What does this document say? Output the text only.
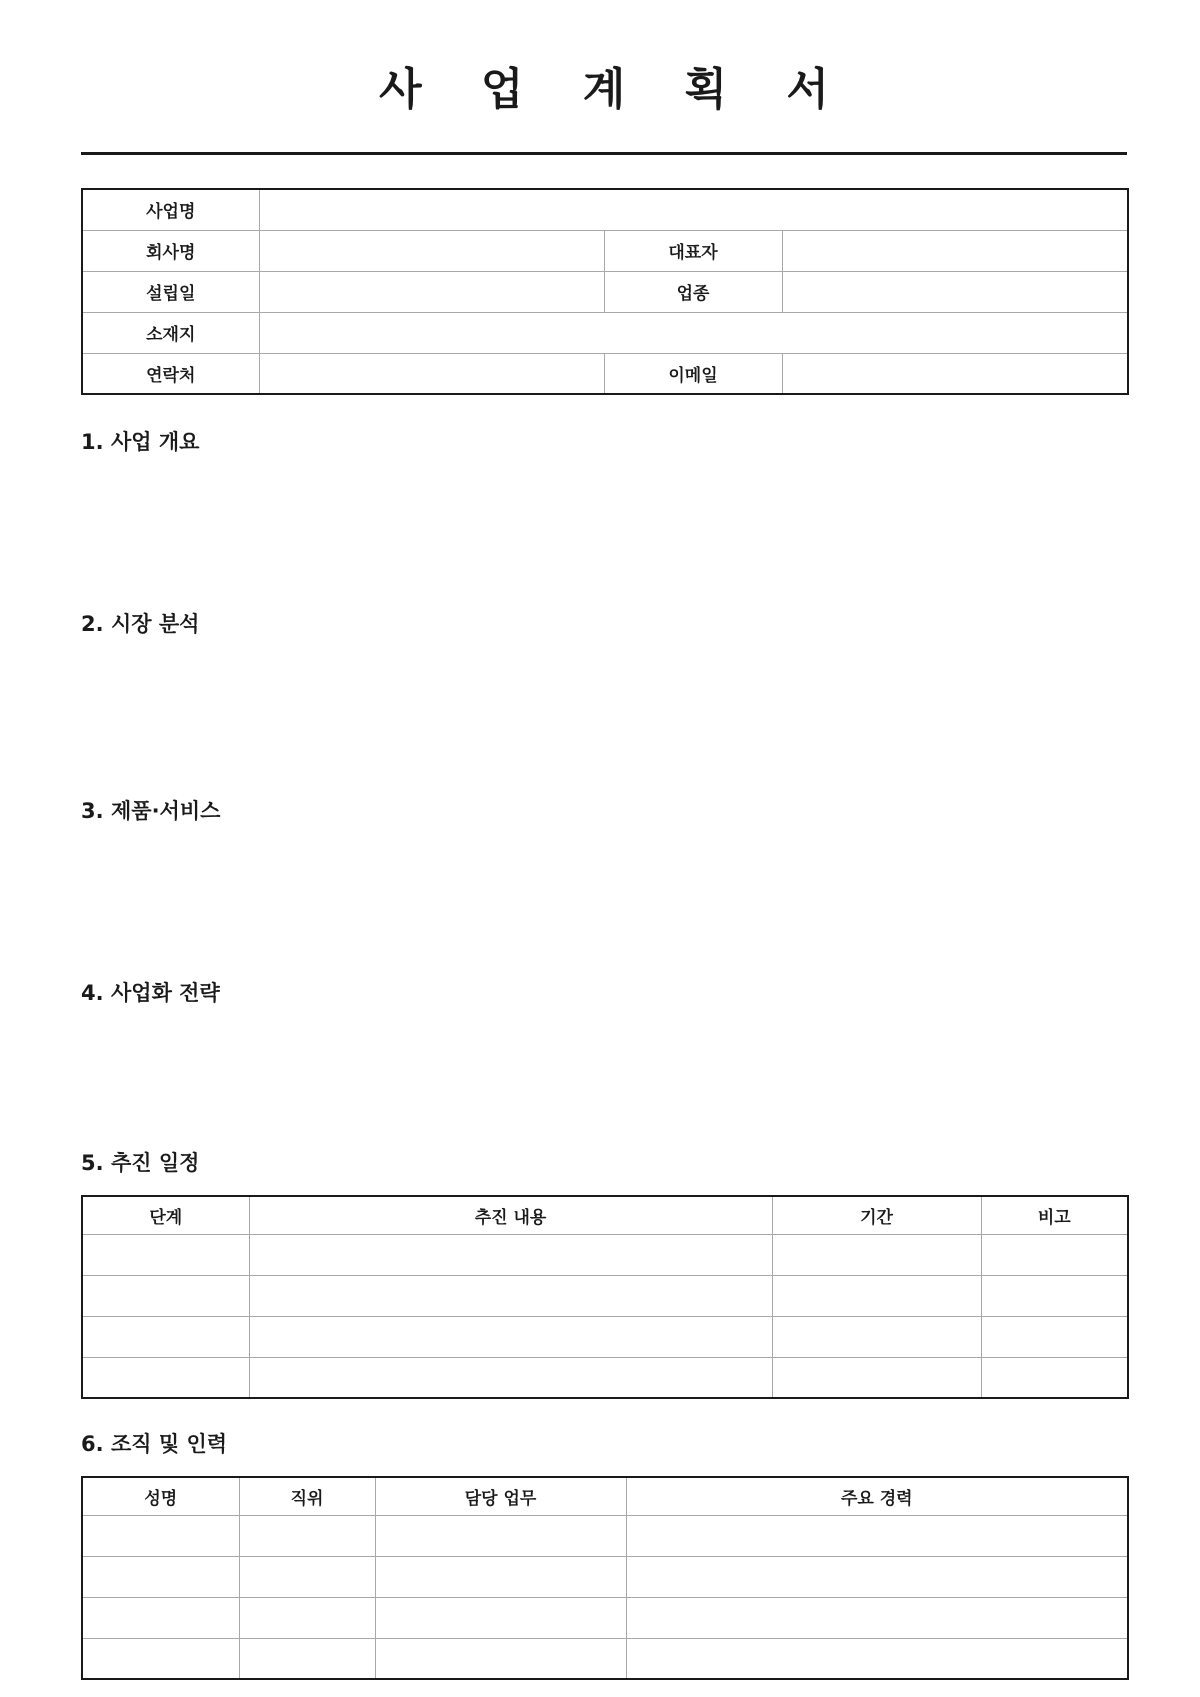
사 업 계 획 서
사업명			
회사명		대표자	
설립일		업종	
소재지			
연락처		이메일	
1. 사업 개요
2. 시장 분석
3. 제품·서비스
4. 사업화 전략
5. 추진 일정
단계	추진 내용	기간	비고

6. 조직 및 인력
성명	직위	담당 업무	주요 경력
